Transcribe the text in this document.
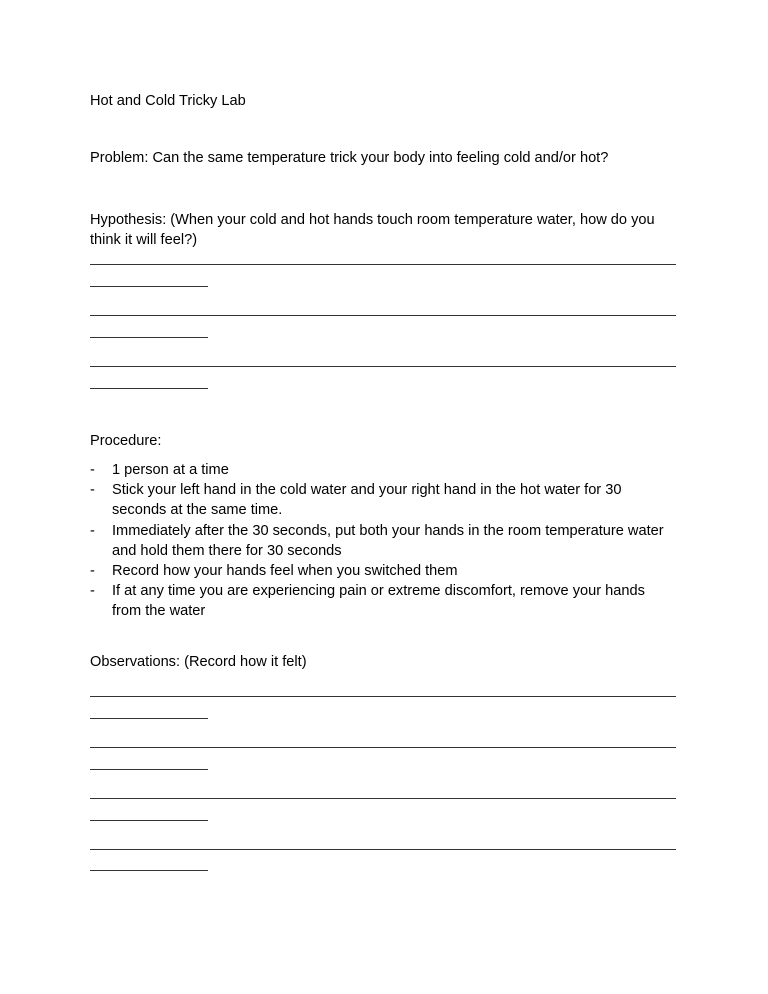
Hot and Cold Tricky Lab
Problem: Can the same temperature trick your body into feeling cold and/or hot?
Hypothesis: (When your cold and hot hands touch room temperature water, how do you
think it will feel?)
Procedure:
- 1 person at a time
- Stick your left hand in the cold water and your right hand in the hot water for 30 seconds at the same time.
- Immediately after the 30 seconds, put both your hands in the room temperature water and hold them there for 30 seconds
- Record how your hands feel when you switched them
- If at any time you are experiencing pain or extreme discomfort, remove your hands from the water
Observations: (Record how it felt)
